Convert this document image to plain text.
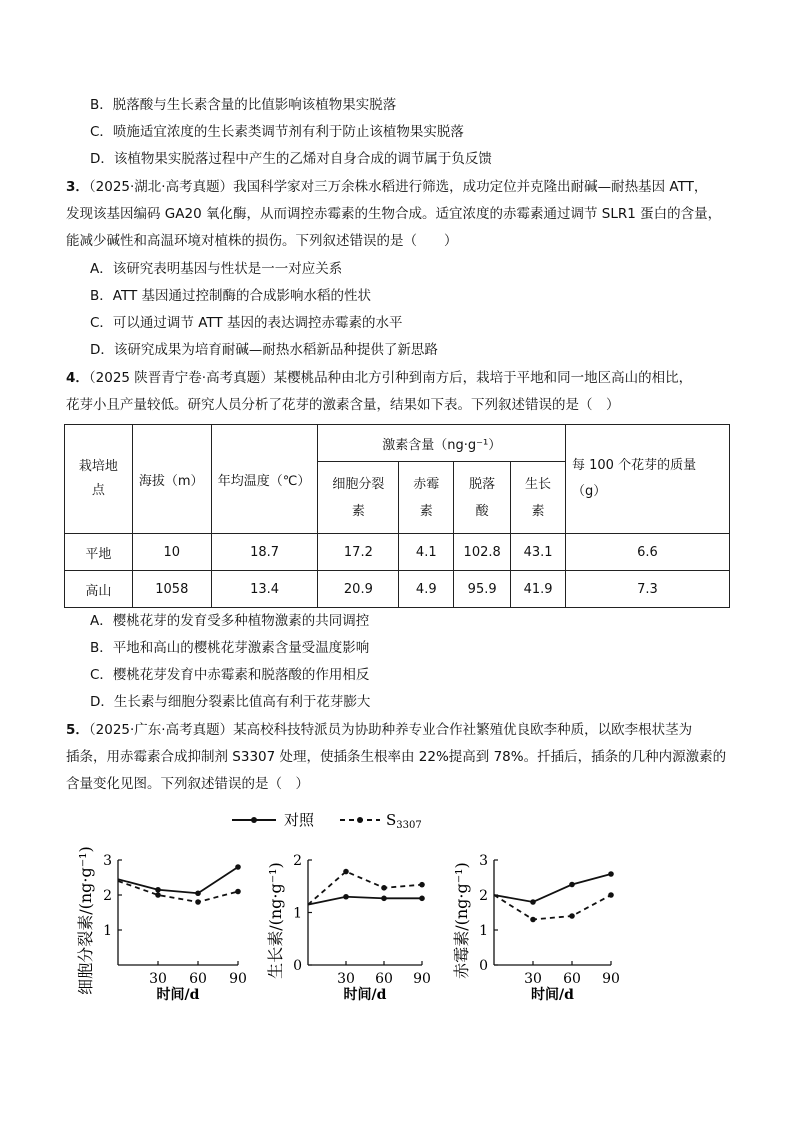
B．脱落酸与生长素含量的比值影响该植物果实脱落
C．喷施适宜浓度的生长素类调节剂有利于防止该植物果实脱落
D．该植物果实脱落过程中产生的乙烯对自身合成的调节属于负反馈
3．（2025·湖北·高考真题）我国科学家对三万余株水稻进行筛选，成功定位并克隆出耐碱—耐热基因 ATT，
发现该基因编码 GA20 氧化酶，从而调控赤霉素的生物合成。适宜浓度的赤霉素通过调节 SLR1 蛋白的含量，
能减少碱性和高温环境对植株的损伤。下列叙述错误的是（　　）
A．该研究表明基因与性状是一一对应关系
B．ATT 基因通过控制酶的合成影响水稻的性状
C．可以通过调节 ATT 基因的表达调控赤霉素的水平
D．该研究成果为培育耐碱—耐热水稻新品种提供了新思路
4．（2025 陕晋青宁卷·高考真题）某樱桃品种由北方引种到南方后，栽培于平地和同一地区高山的相比，
花芽小且产量较低。研究人员分析了花芽的激素含量，结果如下表。下列叙述错误的是（　）
栽培地点	海拔（m）	年均温度（℃）	激素含量（ng·g⁻¹）				每 100 个花芽的质量（g）

			细胞分裂素	赤霉素	脱落酸	生长素	

平地	10	18.7	17.2	4.1	102.8	43.1	6.6
高山	1058	13.4	20.9	4.9	95.9	41.9	7.3
A．樱桃花芽的发育受多种植物激素的共同调控
B．平地和高山的樱桃花芽激素含量受温度影响
C．樱桃花芽发育中赤霉素和脱落酸的作用相反
D．生长素与细胞分裂素比值高有利于花芽膨大
5．（2025·广东·高考真题）某高校科技特派员为协助种养专业合作社繁殖优良欧李种质，以欧李根状茎为
插条，用赤霉素合成抑制剂 S3307 处理，使插条生根率由 22%提高到 78%。扦插后，插条的几种内源激素的
含量变化见图。下列叙述错误的是（　）
对照	$S_{3307}$
1
2
3
30 60 90
时间/d
细胞分裂素/(ng·g⁻¹)	0
1
2
30 60 90
时间/d
生长素/(ng·g⁻¹)	0
1
2
3
30 60 90
时间/d
赤霉素/(ng·g⁻¹)
